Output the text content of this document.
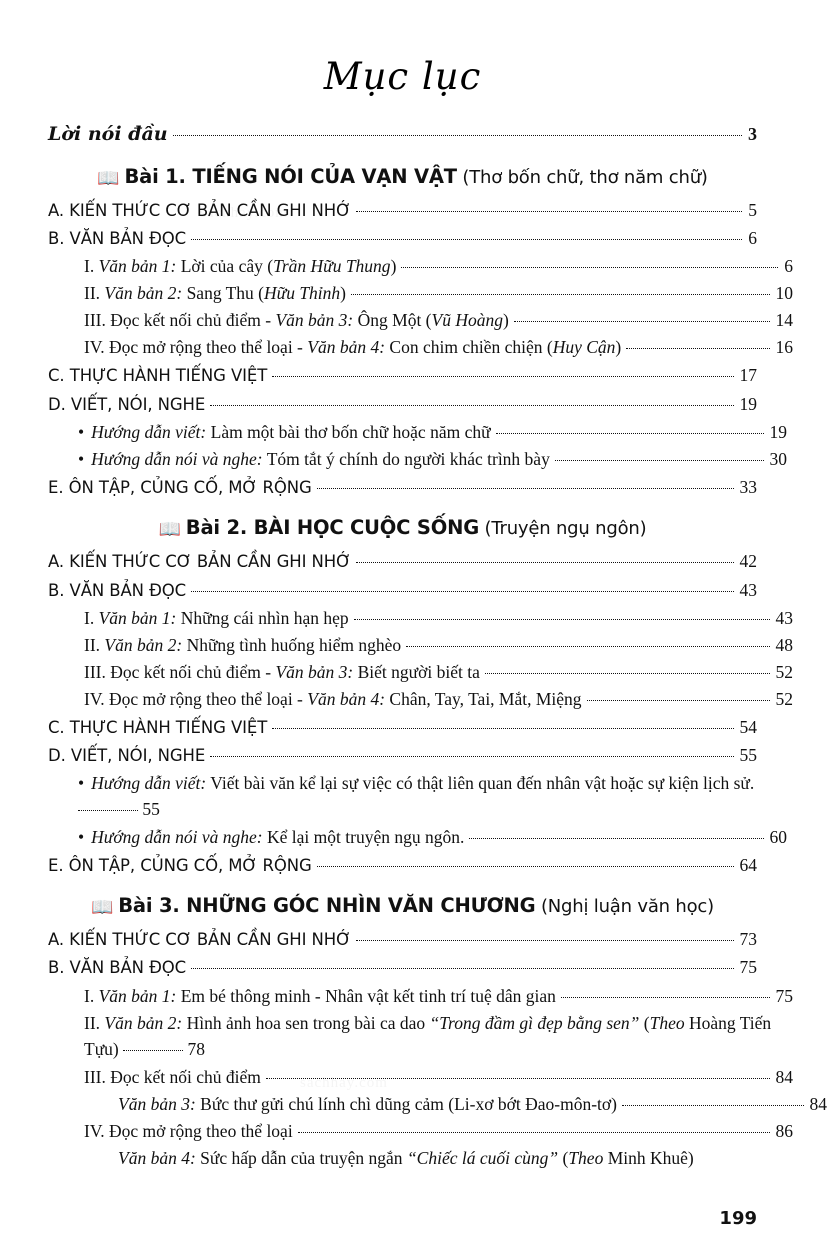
Mục lục
Lời nói đầu	3
📖 Bài 1. TIẾNG NÓI CỦA VẠN VẬT (Thơ bốn chữ, thơ năm chữ)
A. KIẾN THỨC CƠ BẢN CẦN GHI NHỚ	5
B. VĂN BẢN ĐỌC	6
I. Văn bản 1: Lời của cây (Trần Hữu Thung)	6
II. Văn bản 2: Sang Thu (Hữu Thỉnh)	10
III. Đọc kết nối chủ điểm - Văn bản 3: Ông Một (Vũ Hoàng)	14
IV. Đọc mở rộng theo thể loại - Văn bản 4: Con chim chiền chiện (Huy Cận)	16
C. THỰC HÀNH TIẾNG VIỆT	17
D. VIẾT, NÓI, NGHE	19
• Hướng dẫn viết: Làm một bài thơ bốn chữ hoặc năm chữ	19
• Hướng dẫn nói và nghe: Tóm tắt ý chính do người khác trình bày	30
E. ÔN TẬP, CỦNG CỐ, MỞ RỘNG	33
📖 Bài 2. BÀI HỌC CUỘC SỐNG (Truyện ngụ ngôn)
A. KIẾN THỨC CƠ BẢN CẦN GHI NHỚ	42
B. VĂN BẢN ĐỌC	43
I. Văn bản 1: Những cái nhìn hạn hẹp	43
II. Văn bản 2: Những tình huống hiểm nghèo	48
III. Đọc kết nối chủ điểm - Văn bản 3: Biết người biết ta	52
IV. Đọc mở rộng theo thể loại - Văn bản 4: Chân, Tay, Tai, Mắt, Miệng	52
C. THỰC HÀNH TIẾNG VIỆT	54
D. VIẾT, NÓI, NGHE	55
• Hướng dẫn viết: Viết bài văn kể lại sự việc có thật liên quan đến nhân vật hoặc sự kiện lịch sử.  55
• Hướng dẫn nói và nghe: Kể lại một truyện ngụ ngôn.	60
E. ÔN TẬP, CỦNG CỐ, MỞ RỘNG	64
📖 Bài 3. NHỮNG GÓC NHÌN VĂN CHƯƠNG (Nghị luận văn học)
A. KIẾN THỨC CƠ BẢN CẦN GHI NHỚ	73
B. VĂN BẢN ĐỌC	75
I. Văn bản 1: Em bé thông minh - Nhân vật kết tinh trí tuệ dân gian	75
II. Văn bản 2: Hình ảnh hoa sen trong bài ca dao “Trong đầm gì đẹp bằng sen” (Theo Hoàng Tiến Tựu)	78
III. Đọc kết nối chủ điểm	84
Văn bản 3: Bức thư gửi chú lính chì dũng cảm (Li-xơ bớt Đao-môn-tơ)	84
IV. Đọc mở rộng theo thể loại	86
Văn bản 4: Sức hấp dẫn của truyện ngắn “Chiếc lá cuối cùng” (Theo Minh Khuê)
199
